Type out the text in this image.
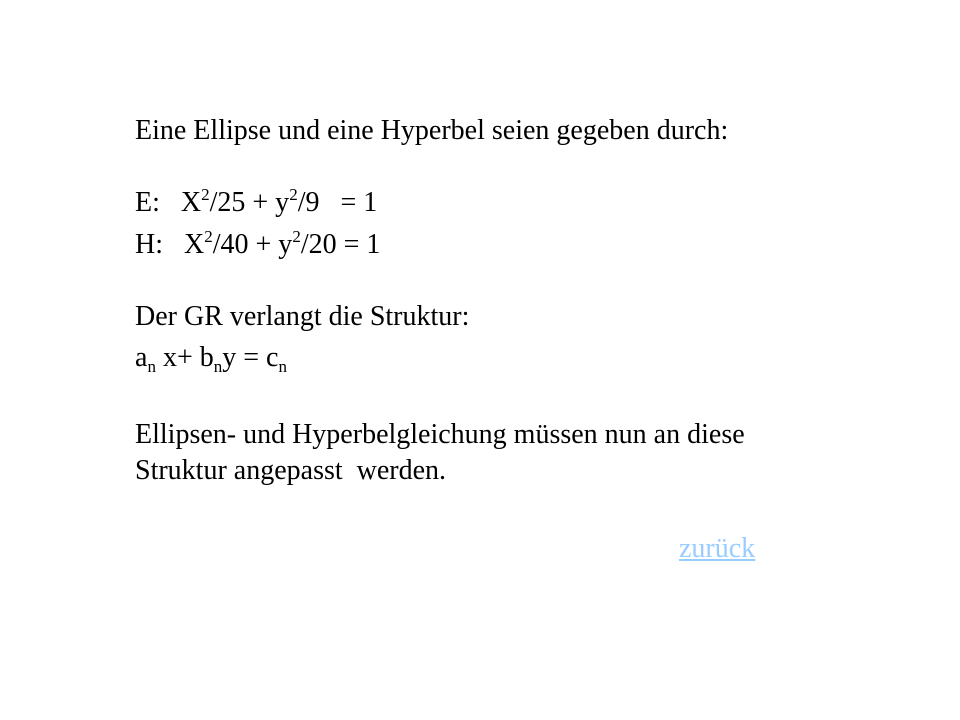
Eine Ellipse und eine Hyperbel seien gegeben durch:
E:   $X^2/25 + y^2/9 = 1$
H:   $X^2/40 + y^2/20 = 1$
Der GR verlangt die Struktur:
$a_n$ $x+ b_ny = c_n$
Ellipsen- und Hyperbelgleichung müssen nun an diese
Struktur angepasst  werden.
zurück
